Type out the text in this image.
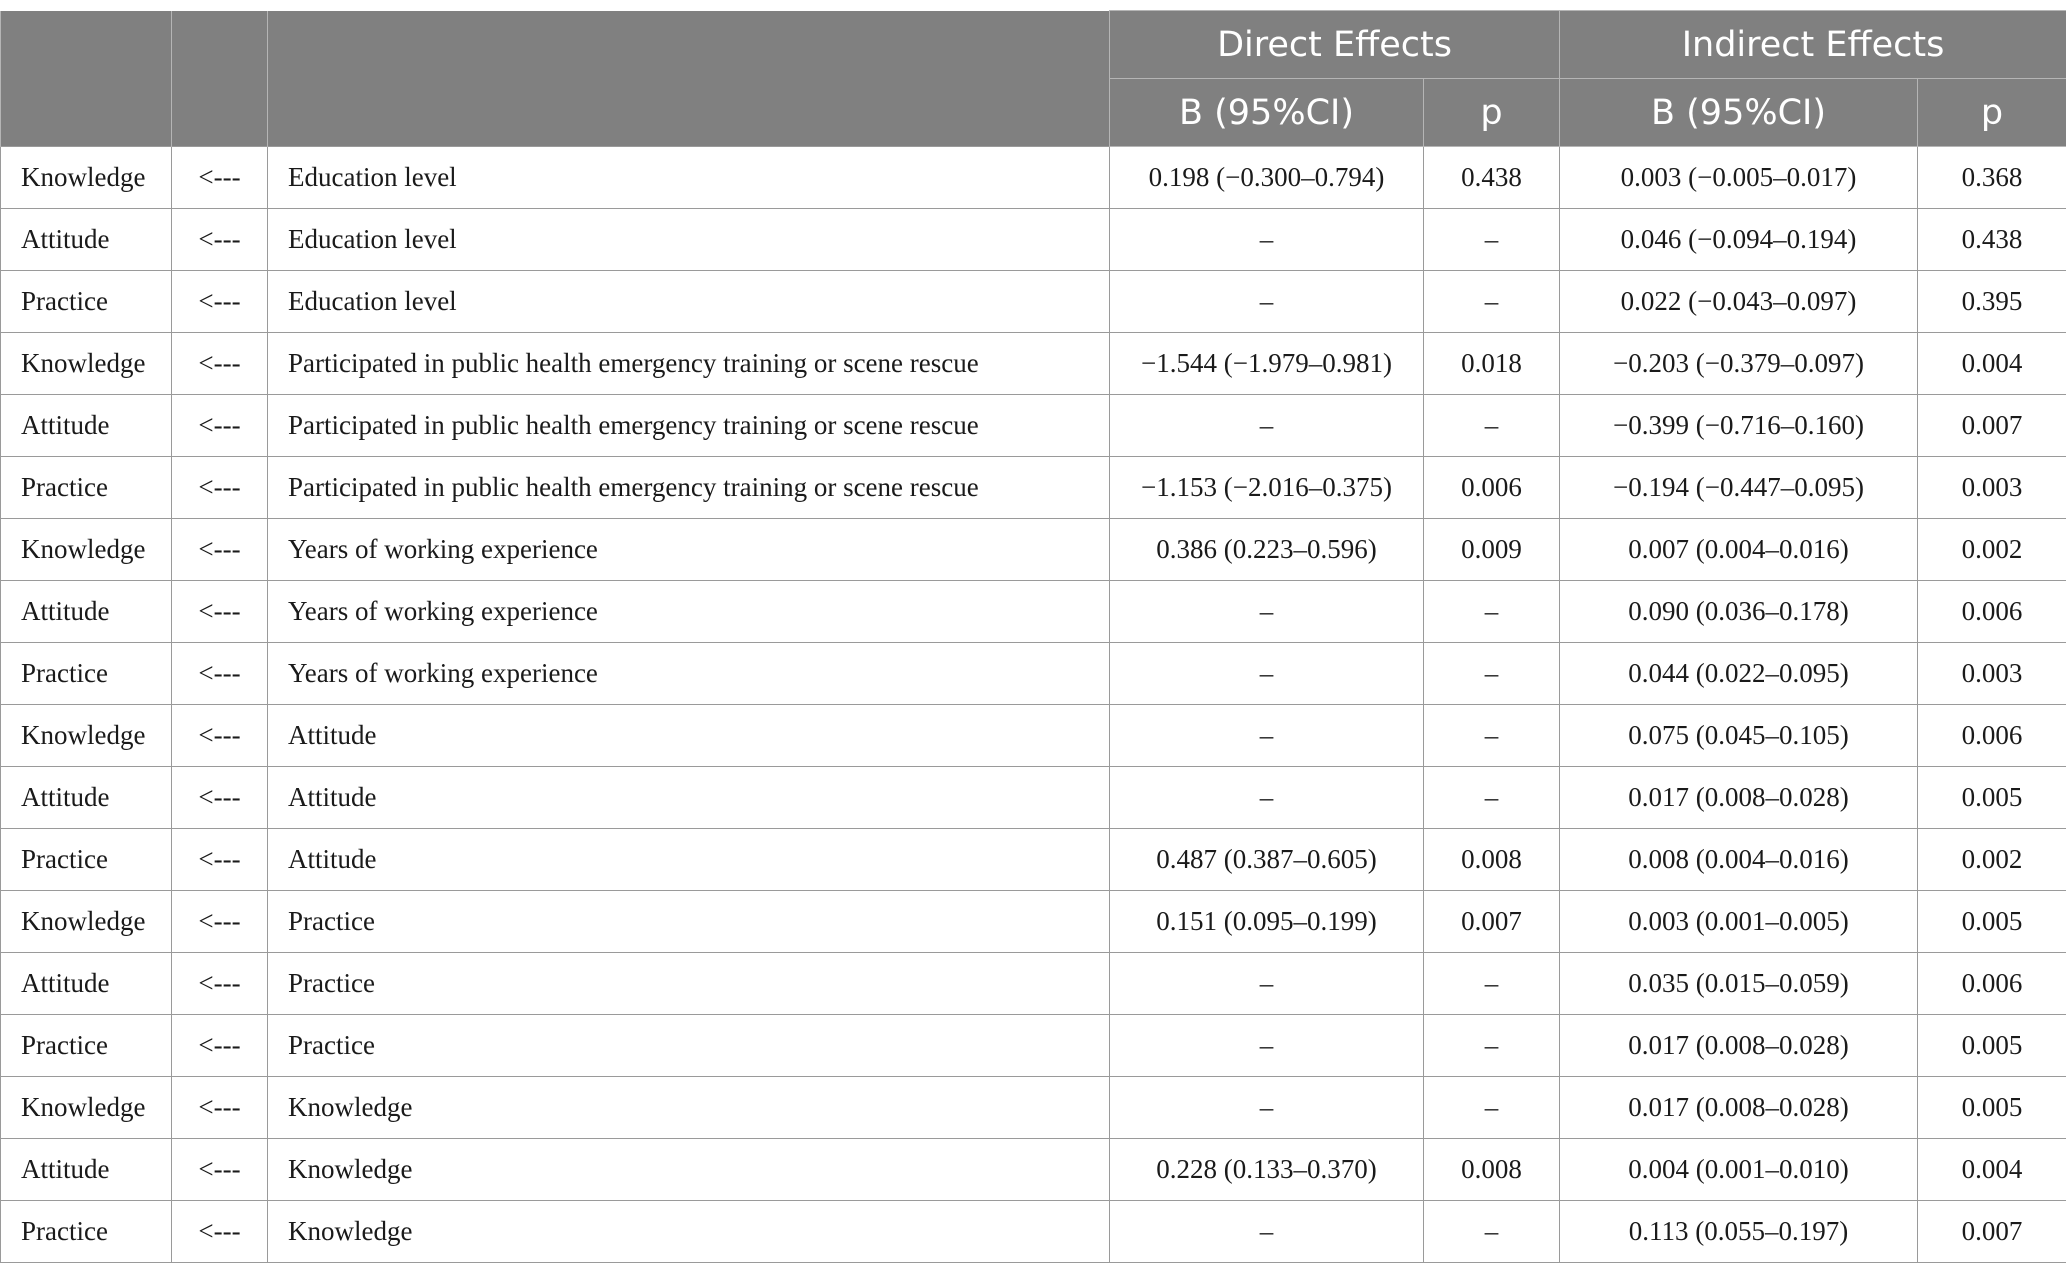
			Direct Effects		Indirect Effects	
			B (95%CI)	p	B (95%CI)	p
Knowledge	<---	Education level	0.198 (−0.300–0.794)	0.438	0.003 (−0.005–0.017)	0.368
Attitude	<---	Education level	–	–	0.046 (−0.094–0.194)	0.438
Practice	<---	Education level	–	–	0.022 (−0.043–0.097)	0.395
Knowledge	<---	Participated in public health emergency training or scene rescue	−1.544 (−1.979–0.981)	0.018	−0.203 (−0.379–0.097)	0.004
Attitude	<---	Participated in public health emergency training or scene rescue	–	–	−0.399 (−0.716–0.160)	0.007
Practice	<---	Participated in public health emergency training or scene rescue	−1.153 (−2.016–0.375)	0.006	−0.194 (−0.447–0.095)	0.003
Knowledge	<---	Years of working experience	0.386 (0.223–0.596)	0.009	0.007 (0.004–0.016)	0.002
Attitude	<---	Years of working experience	–	–	0.090 (0.036–0.178)	0.006
Practice	<---	Years of working experience	–	–	0.044 (0.022–0.095)	0.003
Knowledge	<---	Attitude	–	–	0.075 (0.045–0.105)	0.006
Attitude	<---	Attitude	–	–	0.017 (0.008–0.028)	0.005
Practice	<---	Attitude	0.487 (0.387–0.605)	0.008	0.008 (0.004–0.016)	0.002
Knowledge	<---	Practice	0.151 (0.095–0.199)	0.007	0.003 (0.001–0.005)	0.005
Attitude	<---	Practice	–	–	0.035 (0.015–0.059)	0.006
Practice	<---	Practice	–	–	0.017 (0.008–0.028)	0.005
Knowledge	<---	Knowledge	–	–	0.017 (0.008–0.028)	0.005
Attitude	<---	Knowledge	0.228 (0.133–0.370)	0.008	0.004 (0.001–0.010)	0.004
Practice	<---	Knowledge	–	–	0.113 (0.055–0.197)	0.007
